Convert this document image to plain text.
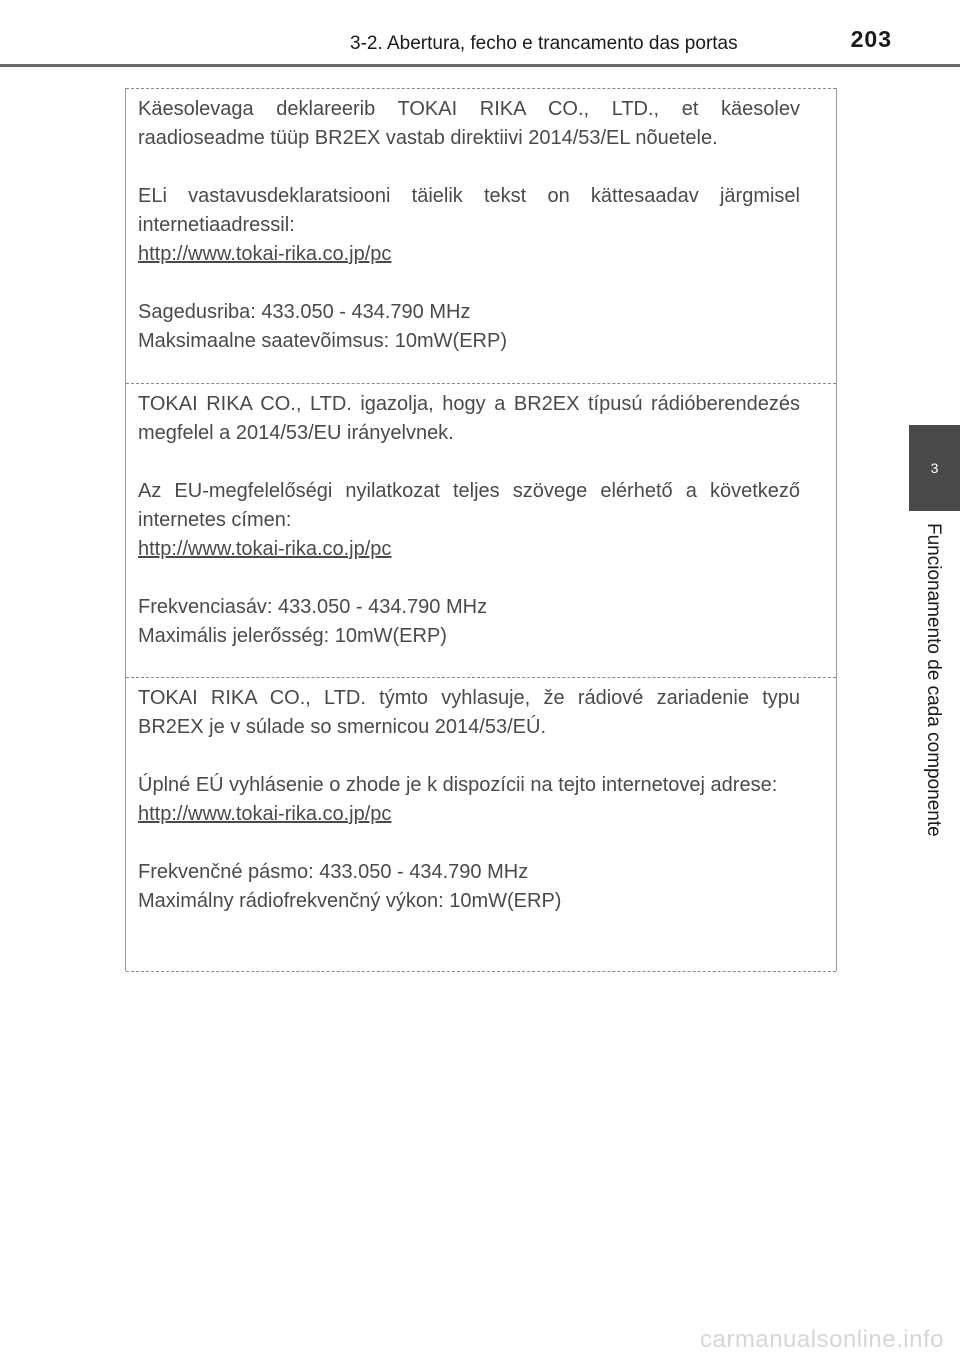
3-2. Abertura, fecho e trancamento das portas	203
3
Funcionamento de cada componente

Käesolevaga deklareerib TOKAI RIKA CO., LTD., et käesolev raadioseadme tüüp BR2EX vastab direktiivi 2014/53/EL nõuetele.

ELi vastavusdeklaratsiooni täielik tekst on kättesaadav järgmisel internetiaadressil:
http://www.tokai-rika.co.jp/pc

Sagedusriba: 433.050 - 434.790 MHz
Maksimaalne saatevõimsus: 10mW(ERP)

TOKAI RIKA CO., LTD. igazolja, hogy a BR2EX típusú rádióberendezés megfelel a 2014/53/EU irányelvnek.

Az EU-megfelelőségi nyilatkozat teljes szövege elérhető a következő internetes címen:
http://www.tokai-rika.co.jp/pc

Frekvenciasáv: 433.050 - 434.790 MHz
Maximális jelerősség: 10mW(ERP)

TOKAI RIKA CO., LTD. týmto vyhlasuje, že rádiové zariadenie typu BR2EX je v súlade so smernicou 2014/53/EÚ.

Úplné EÚ vyhlásenie o zhode je k dispozícii na tejto internetovej adrese:
http://www.tokai-rika.co.jp/pc

Frekvenčné pásmo: 433.050 - 434.790 MHz
Maximálny rádiofrekvenčný výkon: 10mW(ERP)

carmanualsonline.info
